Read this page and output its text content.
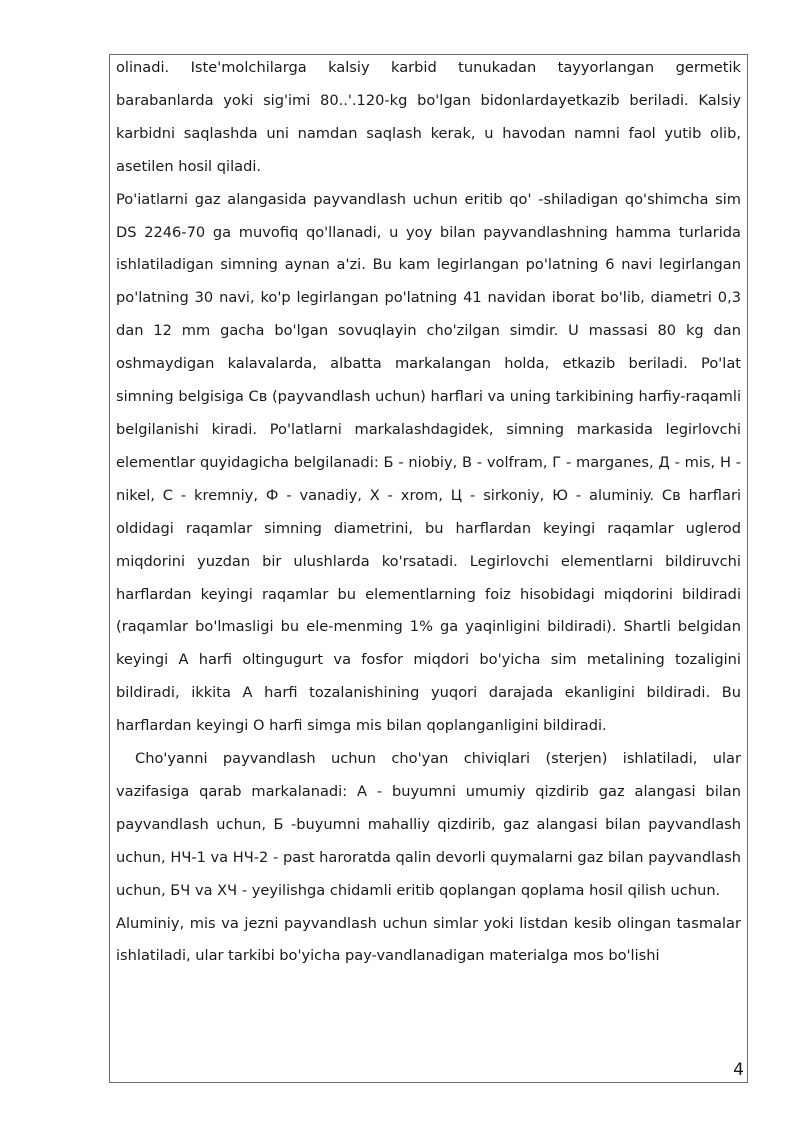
olinadi. Iste'molchilarga kalsiy karbid tunukadan tayyorlangan germetik barabanlarda yoki sig'imi 80..'.120-kg bo'lgan bidonlardayetkazib beriladi. Kalsiy karbidni saqlashda uni namdan saqlash kerak, u havodan namni faol yutib olib, asetilen hosil qiladi.

Po'iatlarni gaz alangasida payvandlash uchun eritib qo' -shiladigan qo'shimcha sim DS 2246-70 ga muvofiq qo'llanadi, u yoy bilan payvandlashning hamma turlarida ishlatiladigan simning aynan a'zi. Bu kam legirlangan po'latning 6 navi legirlangan po'latning 30 navi, ko'p legirlangan po'latning 41 navidan iborat bo'lib, diametri 0,3 dan 12 mm gacha bo'lgan sovuqlayin cho'zilgan simdir. U massasi 80 kg dan oshmaydigan kalavalarda, albatta markalangan holda, etkazib beriladi. Po'lat simning belgisiga Св (payvandlash uchun) harflari va uning tarkibining harfiy-raqamli belgilanishi kiradi. Po'latlarni markalashdagidek, simning markasida legirlovchi elementlar quyidagicha belgilanadi: Б - niobiy, В - volfram, Г - marganes, Д - mis, Н - nikel, С - kremniy, Ф - vanadiy, Х - xrom, Ц - sirkoniy, Ю - aluminiy. Св harflari oldidagi raqamlar simning diametrini, bu harflardan keyingi raqamlar uglerod miqdorini yuzdan bir ulushlarda ko'rsatadi. Legirlovchi elementlarni bildiruvchi harflardan keyingi raqamlar bu elementlarning foiz hisobidagi miqdorini bildiradi (raqamlar bo'lmasligi bu ele-menming 1% ga yaqinligini bildiradi). Shartli belgidan keyingi A harfi oltingugurt va fosfor miqdori bo'yicha sim metalining tozaligini bildiradi, ikkita A harfi tozalanishining yuqori darajada ekanligini bildiradi. Bu harflardan keyingi O harfi simga mis bilan qoplanganligini bildiradi.

Cho'yanni payvandlash uchun cho'yan chiviqlari (sterjen) ishlatiladi, ular vazifasiga qarab markalanadi: A - buyumni umumiy qizdirib gaz alangasi bilan payvandlash uchun, Б -buyumni mahalliy qizdirib, gaz alangasi bilan payvandlash uchun, НЧ-1 va НЧ-2 - past haroratda qalin devorli quymalarni gaz bilan payvandlash uchun, БЧ va ХЧ - yeyilishga chidamli eritib qoplangan qoplama hosil qilish uchun.

Aluminiy, mis va jezni payvandlash uchun simlar yoki listdan kesib olingan tasmalar ishlatiladi, ular tarkibi bo'yicha pay-vandlanadigan materialga mos bo'lishi

4
